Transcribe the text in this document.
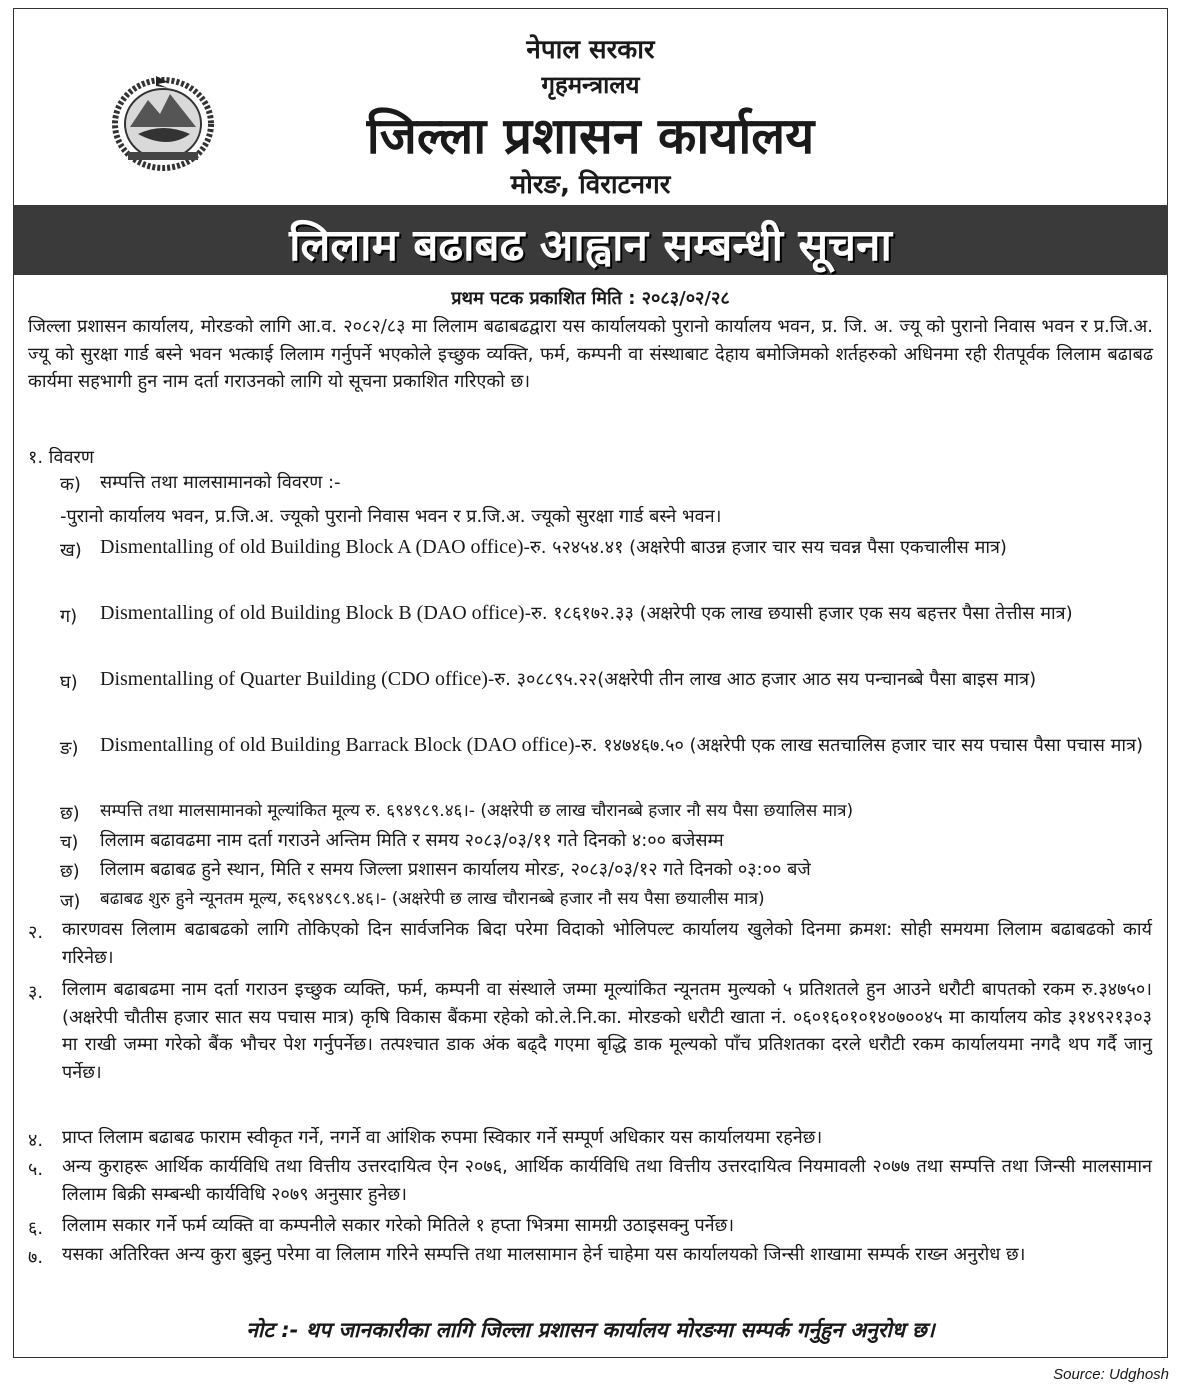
नेपाल सरकार
गृहमन्त्रालय
जिल्ला प्रशासन कार्यालय
मोरङ, विराटनगर
लिलाम बढाबढ आह्वान सम्बन्धी सूचना
प्रथम पटक प्रकाशित मिति : २०८३/०२/२८
जिल्ला प्रशासन कार्यालय, मोरङको लागि आ.व. २०८२/८३ मा लिलाम बढाबढद्वारा यस कार्यालयको पुरानो कार्यालय भवन, प्र. जि. अ. ज्यू को पुरानो निवास भवन र प्र.जि.अ. ज्यू को सुरक्षा गार्ड बस्ने भवन भत्काई लिलाम गर्नुपर्ने भएकोले इच्छुक व्यक्ति, फर्म, कम्पनी वा संस्थाबाट देहाय बमोजिमको शर्तहरुको अधिनमा रही रीतपूर्वक लिलाम बढाबढ कार्यमा सहभागी हुन नाम दर्ता गराउनको लागि यो सूचना प्रकाशित गरिएको छ।
१. विवरण
क) सम्पत्ति तथा मालसामानको विवरण :-
-पुरानो कार्यालय भवन, प्र.जि.अ. ज्यूको पुरानो निवास भवन र प्र.जि.अ. ज्यूको सुरक्षा गार्ड बस्ने भवन।
ख) Dismentalling of old Building Block A (DAO office)-रु. ५२४५४.४१ (अक्षरेपी बाउन्न हजार चार सय चवन्न पैसा एकचालीस मात्र)
ग) Dismentalling of old Building Block B (DAO office)-रु. १८६१७२.३३ (अक्षरेपी एक लाख छयासी हजार एक सय बहत्तर पैसा तेत्तीस मात्र)
घ) Dismentalling of Quarter Building (CDO office)-रु. ३०८८९५.२२(अक्षरेपी तीन लाख आठ हजार आठ सय पन्चानब्बे पैसा बाइस मात्र)
ङ) Dismentalling of old Building Barrack Block (DAO office)-रु. १४७४६७.५० (अक्षरेपी एक लाख सतचालिस हजार चार सय पचास पैसा पचास मात्र)
छ) सम्पत्ति तथा मालसामानको मूल्यांकित मूल्य रु. ६९४९८९.४६।- (अक्षरेपी छ लाख चौरानब्बे हजार नौ सय पैसा छयालिस मात्र)
च) लिलाम बढावढमा नाम दर्ता गराउने अन्तिम मिति र समय २०८३/०३/११ गते दिनको ४:०० बजेसम्म
छ) लिलाम बढाबढ हुने स्थान, मिति र समय जिल्ला प्रशासन कार्यालय मोरङ, २०८३/०३/१२ गते दिनको ०३:०० बजे
ज) बढाबढ शुरु हुने न्यूनतम मूल्य, रु६९४९८९.४६।- (अक्षरेपी छ लाख चौरानब्बे हजार नौ सय पैसा छयालीस मात्र)
२. कारणवस लिलाम बढाबढको लागि तोकिएको दिन सार्वजनिक बिदा परेमा विदाको भोलिपल्ट कार्यालय खुलेको दिनमा क्रमश: सोही समयमा लिलाम बढाबढको कार्य गरिनेछ।
३. लिलाम बढाबढमा नाम दर्ता गराउन इच्छुक व्यक्ति, फर्म, कम्पनी वा संस्थाले जम्मा मूल्यांकित न्यूनतम मुल्यको ५ प्रतिशतले हुन आउने धरौटी बापतको रकम रु.३४७५०। (अक्षरेपी चौतीस हजार सात सय पचास मात्र) कृषि विकास बैंकमा रहेको को.ले.नि.का. मोरङको धरौटी खाता नं. ०६०१६०१०१४०७००४५ मा कार्यालय कोड ३१४९२१३०३ मा राखी जम्मा गरेको बैंक भौचर पेश गर्नुपर्नेछ। तत्पश्चात डाक अंक बढ्दै गएमा बृद्धि डाक मूल्यको पाँच प्रतिशतका दरले धरौटी रकम कार्यालयमा नगदै थप गर्दै जानु पर्नेछ।
४. प्राप्त लिलाम बढाबढ फाराम स्वीकृत गर्ने, नगर्ने वा आंशिक रुपमा स्विकार गर्ने सम्पूर्ण अधिकार यस कार्यालयमा रहनेछ।
५. अन्य कुराहरू आर्थिक कार्यविधि तथा वित्तीय उत्तरदायित्व ऐन २०७६, आर्थिक कार्यविधि तथा वित्तीय उत्तरदायित्व नियमावली २०७७ तथा सम्पत्ति तथा जिन्सी मालसामान लिलाम बिक्री सम्बन्धी कार्यविधि २०७९ अनुसार हुनेछ।
६. लिलाम सकार गर्ने फर्म व्यक्ति वा कम्पनीले सकार गरेको मितिले १ हप्ता भित्रमा सामग्री उठाइसक्नु पर्नेछ।
७. यसका अतिरिक्त अन्य कुरा बुझ्नु परेमा वा लिलाम गरिने सम्पत्ति तथा मालसामान हेर्न चाहेमा यस कार्यालयको जिन्सी शाखामा सम्पर्क राख्न अनुरोध छ।
नोट :- थप जानकारीका लागि जिल्ला प्रशासन कार्यालय मोरङमा सम्पर्क गर्नुहुन अनुरोध छ।
Source: Udghosh
